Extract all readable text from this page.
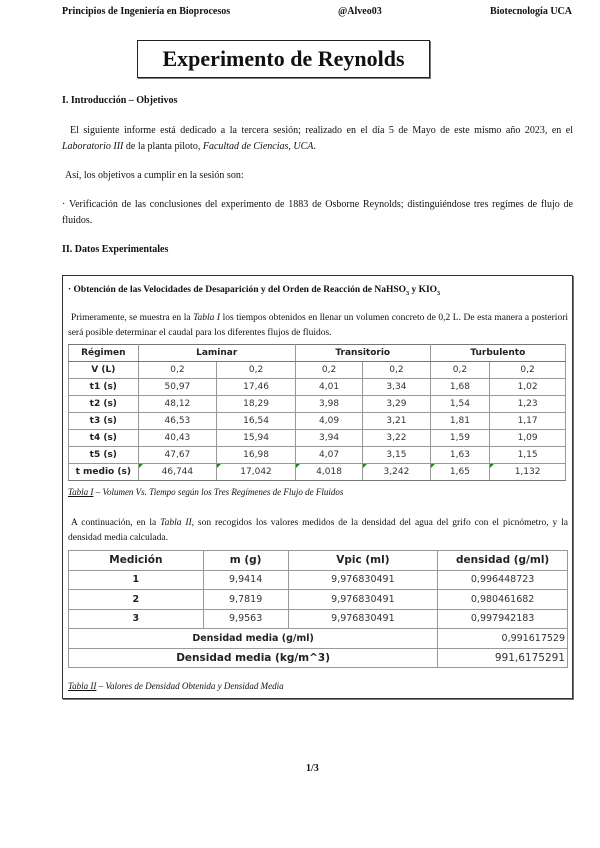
Principios de Ingeniería en Bioprocesos	@Alveo03	Biotecnología UCA
Experimento de Reynolds
I. Introducción – Objetivos
El siguiente informe está dedicado a la tercera sesión; realizado en el día 5 de Mayo de este mismo año 2023, en el Laboratorio III de la planta piloto, Facultad de Ciencias, UCA.
Así, los objetivos a cumplir en la sesión son:
· Verificación de las conclusiones del experimento de 1883 de Osborne Reynolds; distinguiéndose tres regímes de flujo de fluidos.
II. Datos Experimentales
· Obtención de las Velocidades de Desaparición y del Orden de Reacción de NaHSO$_3$ y $KIO_3$
Primeramente, se muestra en la Tabla I los tiempos obtenidos en llenar un volumen concreto de 0,2 L. De esta manera a posteriori será posible determinar el caudal para los diferentes flujos de fluidos.
Régimen	Laminar		Transitorio		Turbulento	
V (L)	0,2	0,2	0,2	0,2	0,2	0,2
t1 (s)	50,97	17,46	4,01	3,34	1,68	1,02
t2 (s)	48,12	18,29	3,98	3,29	1,54	1,23
t3 (s)	46,53	16,54	4,09	3,21	1,81	1,17
t4 (s)	40,43	15,94	3,94	3,22	1,59	1,09
t5 (s)	47,67	16,98	4,07	3,15	1,63	1,15
t medio (s)	46,744	17,042	4,018	3,242	1,65	1,132
Tabla I – Volumen Vs. Tiempo según los Tres Regímenes de Flujo de Fluidos
A continuación, en la Tabla II, son recogidos los valores medidos de la densidad del agua del grifo con el picnómetro, y la densidad media calculada.
Medición	m (g)	Vpic (ml)	densidad (g/ml)
1	9,9414	9,976830491	0,996448723
2	9,7819	9,976830491	0,980461682
3	9,9563	9,976830491	0,997942183
Densidad media (g/ml)			0,991617529
Densidad media (kg/m^3)			991,6175291
Tabla II – Valores de Densidad Obtenida y Densidad Media
1/3
